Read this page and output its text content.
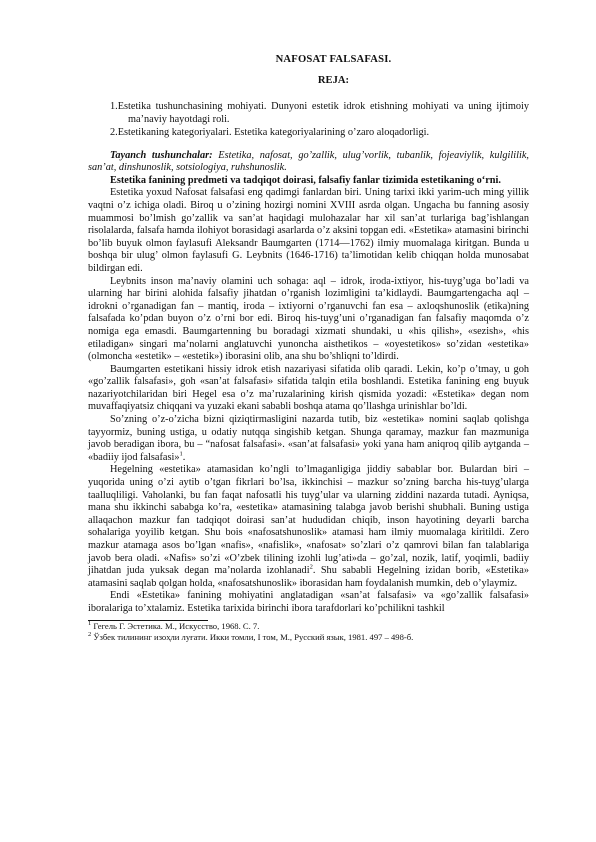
NAFOSAT FALSAFASI.
REJA:
1.Estetika tushunchasining mohiyati. Dunyoni estetik idrok etishning mohiyati va uning ijtimoiy ma’naviy hayotdagi roli.
2.Estetikaning kategoriyalari. Estetika kategoriyalarining o’zaro aloqadorligi.

Tayanch tushunchalar: Estetika, nafosat, go’zallik, ulug’vorlik, tubanlik, fojeaviylik, kulgililik, san’at, dinshunoslik, sotsiologiya, ruhshunoslik.

Estetika fanining predmeti va tadqiqot doirasi, falsafiy fanlar tizimida estetikaning o‘rni.

Estetika yoxud Nafosat falsafasi eng qadimgi fanlardan biri. Uning tarixi ikki yarim-uch ming yillik vaqtni o’z ichiga oladi. Biroq u o’zining hozirgi nomini XVIII asrda olgan. Ungacha bu fanning asosiy muammosi bo’lmish go’zallik va san’at haqidagi mulohazalar har xil san’at turlariga bag’ishlangan risolalarda, falsafa hamda ilohiyot borasidagi asarlarda o’z aksini topgan edi. «Estetika» atamasini birinchi bo’lib buyuk olmon faylasufi Aleksandr Baumgarten (1714—1762) ilmiy muomalaga kiritgan. Bunda u boshqa bir ulug’ olmon faylasufi G. Leybnits (1646-1716) ta’limotidan kelib chiqqan holda munosabat bildirgan edi.

Leybnits inson ma’naviy olamini uch sohaga: aql – idrok, iroda-ixtiyor, his-tuyg’uga bo’ladi va ularning har birini alohida falsafiy jihatdan o’rganish lozimligini ta’kidlaydi. Baumgartengacha aql – idrokni o’rganadigan fan – mantiq, iroda – ixtiyorni o’rganuvchi fan esa – axloqshunoslik (etika)ning falsafada ko’pdan buyon o’z o’rni bor edi. Biroq his-tuyg’uni o’rganadigan fan falsafiy maqomda o’z nomiga ega emasdi. Baumgartenning bu boradagi xizmati shundaki, u «his qilish», «sezish», «his etiladigan» singari ma’nolarni anglatuvchi yunoncha aisthetikos – «oyestetikos» so’zidan «estetika» (olmoncha «estetik» – «estetik») iborasini olib, ana shu bo’shliqni to’ldirdi.

Baumgarten estetikani hissiy idrok etish nazariyasi sifatida olib qaradi. Lekin, ko’p o’tmay, u goh «go’zallik falsafasi», goh «san’at falsafasi» sifatida talqin etila boshlandi. Estetika fanining eng buyuk nazariyotchilaridan biri Hegel esa o’z ma’ruzalarining kirish qismida yozadi: «Estetika» degan nom muvaffaqiyatsiz chiqqani va yuzaki ekani sababli boshqa atama qo’llashga urinishlar bo’ldi.

So’zning o’z-o’zicha bizni qiziqtirmasligini nazarda tutib, biz «estetika» nomini saqlab qolishga tayyormiz, buning ustiga, u odatiy nutqqa singishib ketgan. Shunga qaramay, mazkur fan mazmuniga javob beradigan ibora, bu – “nafosat falsafasi». «san’at falsafasi» yoki yana ham aniqroq qilib aytganda – «badiiy ijod falsafasi»$^1$.

Hegelning «estetika» atamasidan ko’ngli to’lmaganligiga jiddiy sabablar bor. Bulardan biri – yuqorida uning o’zi aytib o’tgan fikrlari bo’lsa, ikkinchisi – mazkur so’zning barcha his-tuyg’ularga taalluqliligi. Vaholanki, bu fan faqat nafosatli his tuyg’ular va ularning ziddini nazarda tutadi. Ayniqsa, mana shu ikkinchi sababga ko’ra, «estetika» atamasining talabga javob berishi shubhali. Buning ustiga allaqachon mazkur fan tadqiqot doirasi san’at hududidan chiqib, inson hayotining deyarli barcha sohalariga yoyilib ketgan. Shu bois «nafosatshunoslik» atamasi ham ilmiy muomalaga kiritildi. Zero mazkur atamaga asos bo’lgan «nafis», «nafislik», «nafosat» so’zlari o’z qamrovi bilan fan talablariga javob bera oladi. «Nafis» so’zi «O’zbek tilining izohli lug’ati»da – go’zal, nozik, latif, yoqimli, badiiy jihatdan juda yuksak degan ma’nolarda izohlanadi$^2$. Shu sababli Hegelning izidan borib, «Estetika» atamasini saqlab qolgan holda, «nafosatshunoslik» iborasidan ham foydalanish mumkin, deb o’ylaymiz.

Endi «Estetika» fanining mohiyatini anglatadigan «san’at falsafasi» va «go’zallik falsafasi» iboralariga to’xtalamiz. Estetika tarixida birinchi ibora tarafdorlari ko’pchilikni tashkil

$^1$ Гегель Г. Эстетика. М., Искусство, 1968. С. 7.

$^2$ Ўзбек тилининг изоҳли луғати. Икки томли, I том, М., Русский язык, 1981. 497 – 498-б.
